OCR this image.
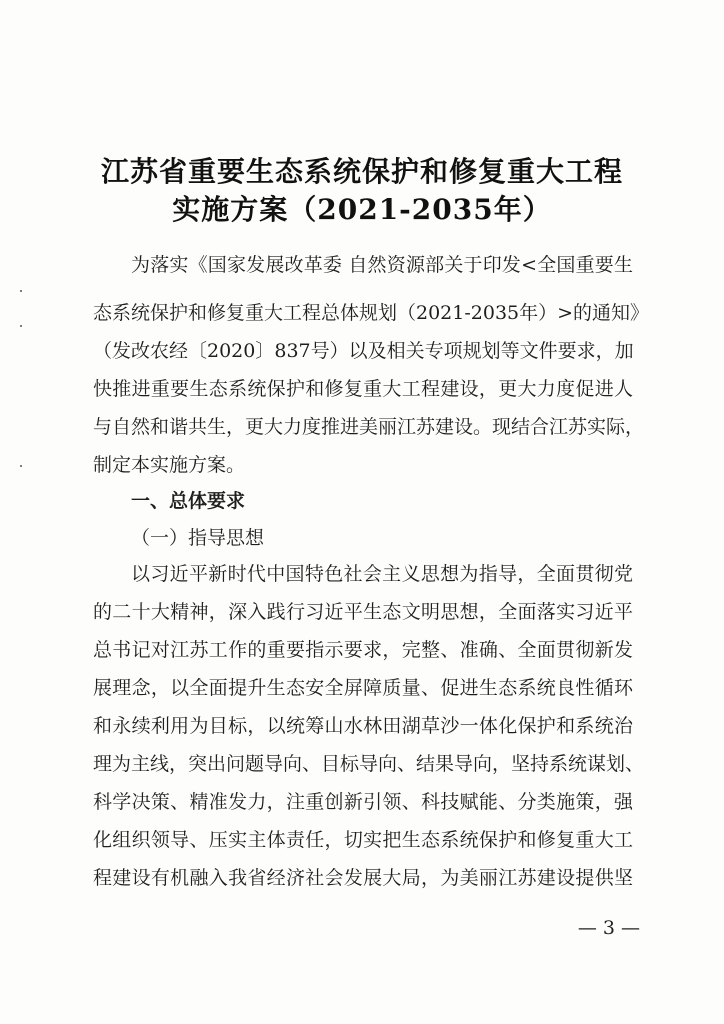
江苏省重要生态系统保护和修复重大工程
实施方案（2021-2035年）
为落实《国家发展改革委 自然资源部关于印发<全国重要生
态系统保护和修复重大工程总体规划（2021-2035年）>的通知》
（发改农经〔2020〕837号）以及相关专项规划等文件要求，加
快推进重要生态系统保护和修复重大工程建设，更大力度促进人
与自然和谐共生，更大力度推进美丽江苏建设。现结合江苏实际，
制定本实施方案。
一、总体要求
（一）指导思想
以习近平新时代中国特色社会主义思想为指导，全面贯彻党
的二十大精神，深入践行习近平生态文明思想，全面落实习近平
总书记对江苏工作的重要指示要求，完整、准确、全面贯彻新发
展理念，以全面提升生态安全屏障质量、促进生态系统良性循环
和永续利用为目标，以统筹山水林田湖草沙一体化保护和系统治
理为主线，突出问题导向、目标导向、结果导向，坚持系统谋划、
科学决策、精准发力，注重创新引领、科技赋能、分类施策，强
化组织领导、压实主体责任，切实把生态系统保护和修复重大工
程建设有机融入我省经济社会发展大局，为美丽江苏建设提供坚
— 3 —
